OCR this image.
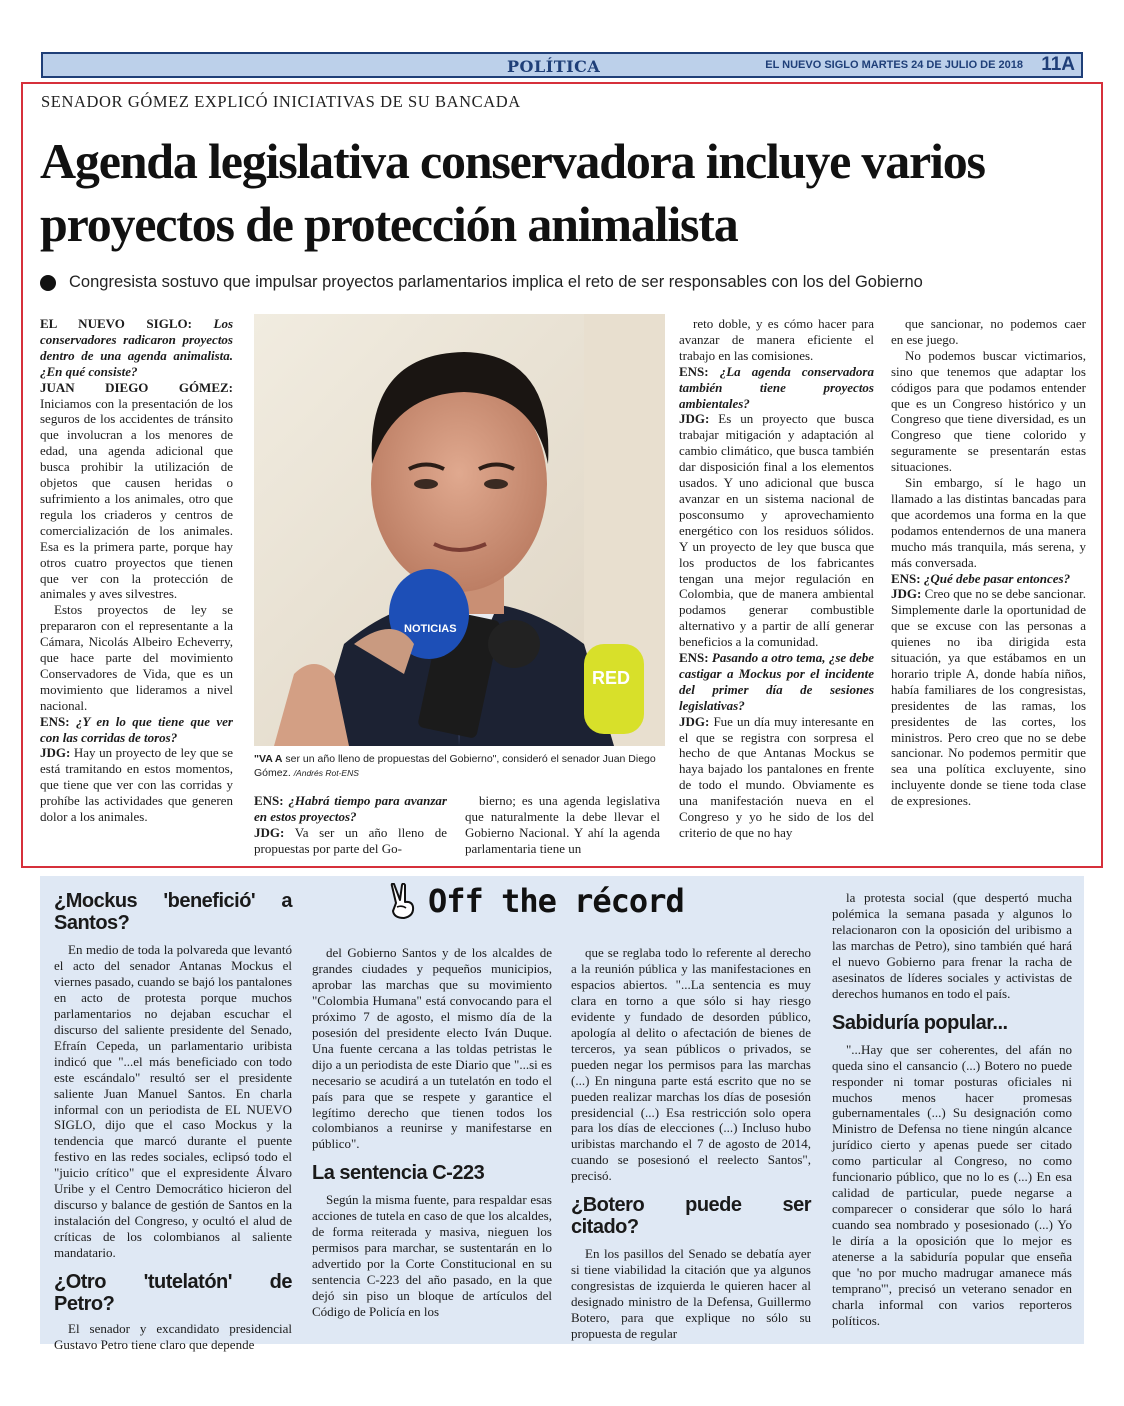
POLÍTICA	EL NUEVO SIGLO MARTES 24 DE JULIO DE 2018 11A
SENADOR GÓMEZ EXPLICÓ INICIATIVAS DE SU BANCADA
Agenda legislativa conservadora incluye varios proyectos de protección animalista
Congresista sostuvo que impulsar proyectos parlamentarios implica el reto de ser responsables con los del Gobierno

EL NUEVO SIGLO: Los conservadores radicaron proyectos dentro de una agenda animalista. ¿En qué consiste?

JUAN DIEGO GÓMEZ: Iniciamos con la presentación de los seguros de los accidentes de tránsito que involucran a los menores de edad, una agenda adicional que busca prohibir la utilización de objetos que causen heridas o sufrimiento a los animales, otro que regula los criaderos y centros de comercialización de los animales. Esa es la primera parte, porque hay otros cuatro proyectos que tienen que ver con la protección de animales y aves silvestres.

Estos proyectos de ley se prepararon con el representante a la Cámara, Nicolás Albeiro Echeverry, que hace parte del movimiento Conservadores de Vida, que es un movimiento que lideramos a nivel nacional.

ENS: ¿Y en lo que tiene que ver con las corridas de toros?

JDG: Hay un proyecto de ley que se está tramitando en estos momentos, que tiene que ver con las corridas y prohíbe las actividades que generen dolor a los animales.

NOTICIAS
RED
"VA A ser un año lleno de propuestas del Gobierno", consideró el senador Juan Diego Gómez. /Andrés Rot-ENS

ENS: ¿Habrá tiempo para avanzar en estos proyectos?

JDG: Va ser un año lleno de propuestas por parte del Go-

bierno; es una agenda legislativa que naturalmente la debe llevar el Gobierno Nacional. Y ahí la agenda parlamentaria tiene un

reto doble, y es cómo hacer para avanzar de manera eficiente el trabajo en las comisiones.

ENS: ¿La agenda conservadora también tiene proyectos ambientales?

JDG: Es un proyecto que busca trabajar mitigación y adaptación al cambio climático, que busca también dar disposición final a los elementos usados. Y uno adicional que busca avanzar en un sistema nacional de posconsumo y aprovechamiento energético con los residuos sólidos. Y un proyecto de ley que busca que los productos de los fabricantes tengan una mejor regulación en Colombia, que de manera ambiental podamos generar combustible alternativo y a partir de allí generar beneficios a la comunidad.

ENS: Pasando a otro tema, ¿se debe castigar a Mockus por el incidente del primer día de sesiones legislativas?

JDG: Fue un día muy interesante en el que se registra con sorpresa el hecho de que Antanas Mockus se haya bajado los pantalones en frente de todo el mundo. Obviamente es una manifestación nueva en el Congreso y yo he sido de los del criterio de que no hay

que sancionar, no podemos caer en ese juego.

No podemos buscar victimarios, sino que tenemos que adaptar los códigos para que podamos entender que es un Congreso histórico y un Congreso que tiene diversidad, es un Congreso que tiene colorido y seguramente se presentarán estas situaciones.

Sin embargo, sí le hago un llamado a las distintas bancadas para que acordemos una forma en la que podamos entendernos de una manera mucho más tranquila, más serena, y más conversada.

ENS: ¿Qué debe pasar entonces?

JDG: Creo que no se debe sancionar. Simplemente darle la oportunidad de que se excuse con las personas a quienes no iba dirigida esta situación, ya que estábamos en un horario triple A, donde había niños, había familiares de los congresistas, presidentes de las ramas, los presidentes de las cortes, los ministros. Pero creo que no se debe sancionar. No podemos permitir que sea una política excluyente, sino incluyente donde se tiene toda clase de expresiones.

Off the récord
¿Mockus 'benefició' a Santos?

En medio de toda la polvareda que levantó el acto del senador Antanas Mockus el viernes pasado, cuando se bajó los pantalones en acto de protesta porque muchos parlamentarios no dejaban escuchar el discurso del saliente presidente del Senado, Efraín Cepeda, un parlamentario uribista indicó que "...el más beneficiado con todo este escándalo" resultó ser el presidente saliente Juan Manuel Santos. En charla informal con un periodista de EL NUEVO SIGLO, dijo que el caso Mockus y la tendencia que marcó durante el puente festivo en las redes sociales, eclipsó todo el "juicio crítico" que el expresidente Álvaro Uribe y el Centro Democrático hicieron del discurso y balance de gestión de Santos en la instalación del Congreso, y ocultó el alud de críticas de los colombianos al saliente mandatario.

¿Otro 'tutelatón' de Petro?

El senador y excandidato presidencial Gustavo Petro tiene claro que depende

del Gobierno Santos y de los alcaldes de grandes ciudades y pequeños municipios, aprobar las marchas que su movimiento "Colombia Humana" está convocando para el próximo 7 de agosto, el mismo día de la posesión del presidente electo Iván Duque. Una fuente cercana a las toldas petristas le dijo a un periodista de este Diario que "...si es necesario se acudirá a un tutelatón en todo el país para que se respete y garantice el legítimo derecho que tienen todos los colombianos a reunirse y manifestarse en público".

La sentencia C-223

Según la misma fuente, para respaldar esas acciones de tutela en caso de que los alcaldes, de forma reiterada y masiva, nieguen los permisos para marchar, se sustentarán en lo advertido por la Corte Constitucional en su sentencia C-223 del año pasado, en la que dejó sin piso un bloque de artículos del Código de Policía en los

que se reglaba todo lo referente al derecho a la reunión pública y las manifestaciones en espacios abiertos. "...La sentencia es muy clara en torno a que sólo si hay riesgo evidente y fundado de desorden público, apología al delito o afectación de bienes de terceros, ya sean públicos o privados, se pueden negar los permisos para las marchas (...) En ninguna parte está escrito que no se pueden realizar marchas los días de posesión presidencial (...) Esa restricción solo opera para los días de elecciones (...) Incluso hubo uribistas marchando el 7 de agosto de 2014, cuando se posesionó el reelecto Santos", precisó.

¿Botero puede ser citado?

En los pasillos del Senado se debatía ayer si tiene viabilidad la citación que ya algunos congresistas de izquierda le quieren hacer al designado ministro de la Defensa, Guillermo Botero, para que explique no sólo su propuesta de regular

la protesta social (que despertó mucha polémica la semana pasada y algunos lo relacionaron con la oposición del uribismo a las marchas de Petro), sino también qué hará el nuevo Gobierno para frenar la racha de asesinatos de líderes sociales y activistas de derechos humanos en todo el país.

Sabiduría popular...

"...Hay que ser coherentes, del afán no queda sino el cansancio (...) Botero no puede responder ni tomar posturas oficiales ni muchos menos hacer promesas gubernamentales (...) Su designación como Ministro de Defensa no tiene ningún alcance jurídico cierto y apenas puede ser citado como particular al Congreso, no como funcionario público, que no lo es (...) En esa calidad de particular, puede negarse a comparecer o considerar que sólo lo hará cuando sea nombrado y posesionado (...) Yo le diría a la oposición que lo mejor es atenerse a la sabiduría popular que enseña que 'no por mucho madrugar amanece más temprano'", precisó un veterano senador en charla informal con varios reporteros políticos.
